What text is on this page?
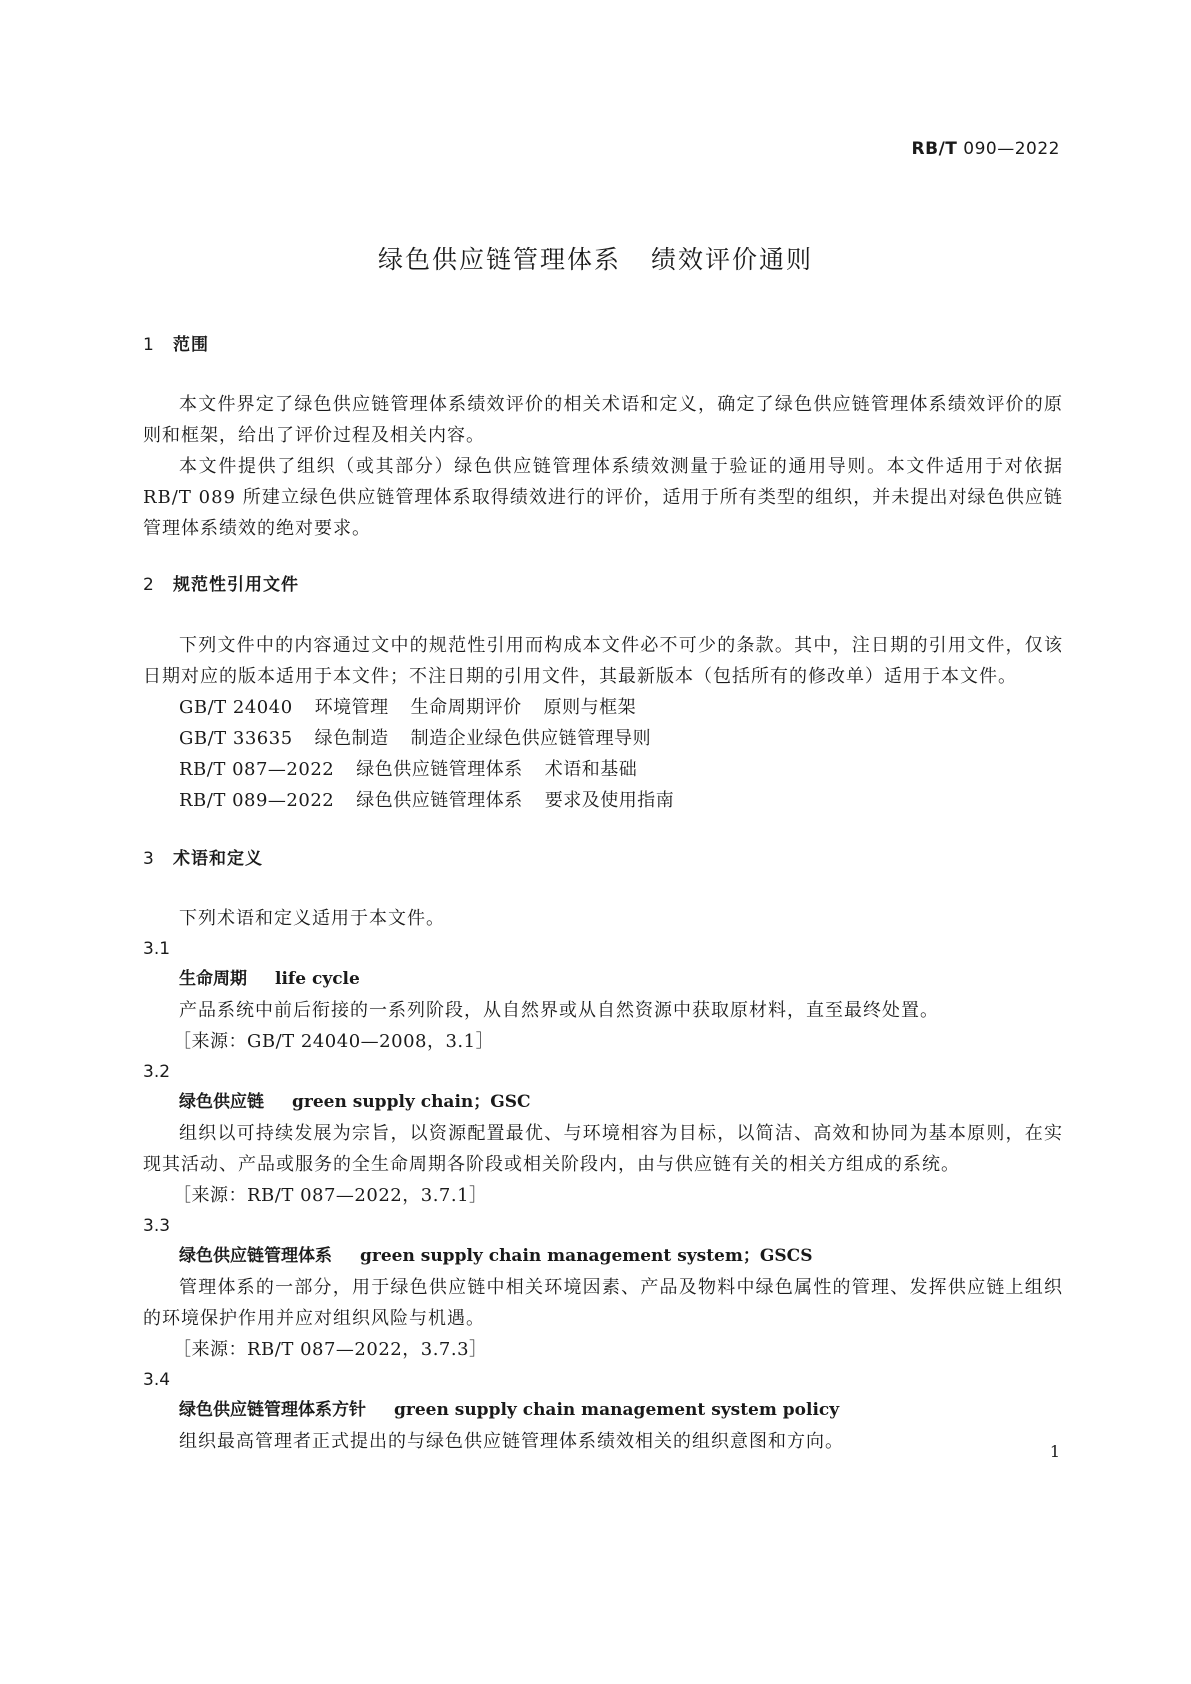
RB/T 090—2022
绿色供应链管理体系 绩效评价通则

1 范围

本文件界定了绿色供应链管理体系绩效评价的相关术语和定义，确定了绿色供应链管理体系绩效评价的原则和框架，给出了评价过程及相关内容。

本文件提供了组织（或其部分）绿色供应链管理体系绩效测量于验证的通用导则。本文件适用于对依据 RB/T 089 所建立绿色供应链管理体系取得绩效进行的评价，适用于所有类型的组织，并未提出对绿色供应链管理体系绩效的绝对要求。

2 规范性引用文件

下列文件中的内容通过文中的规范性引用而构成本文件必不可少的条款。其中，注日期的引用文件，仅该日期对应的版本适用于本文件；不注日期的引用文件，其最新版本（包括所有的修改单）适用于本文件。

GB/T 24040 环境管理 生命周期评价 原则与框架

GB/T 33635 绿色制造 制造企业绿色供应链管理导则

RB/T 087—2022 绿色供应链管理体系 术语和基础

RB/T 089—2022 绿色供应链管理体系 要求及使用指南

3 术语和定义

下列术语和定义适用于本文件。

3.1

生命周期 life cycle

产品系统中前后衔接的一系列阶段，从自然界或从自然资源中获取原材料，直至最终处置。

［来源：GB/T 24040—2008，3.1］

3.2

绿色供应链 green supply chain；GSC

组织以可持续发展为宗旨，以资源配置最优、与环境相容为目标，以简洁、高效和协同为基本原则，在实现其活动、产品或服务的全生命周期各阶段或相关阶段内，由与供应链有关的相关方组成的系统。

［来源：RB/T 087—2022，3.7.1］

3.3

绿色供应链管理体系 green supply chain management system；GSCS

管理体系的一部分，用于绿色供应链中相关环境因素、产品及物料中绿色属性的管理、发挥供应链上组织的环境保护作用并应对组织风险与机遇。

［来源：RB/T 087—2022，3.7.3］

3.4

绿色供应链管理体系方针 green supply chain management system policy

组织最高管理者正式提出的与绿色供应链管理体系绩效相关的组织意图和方向。	1
